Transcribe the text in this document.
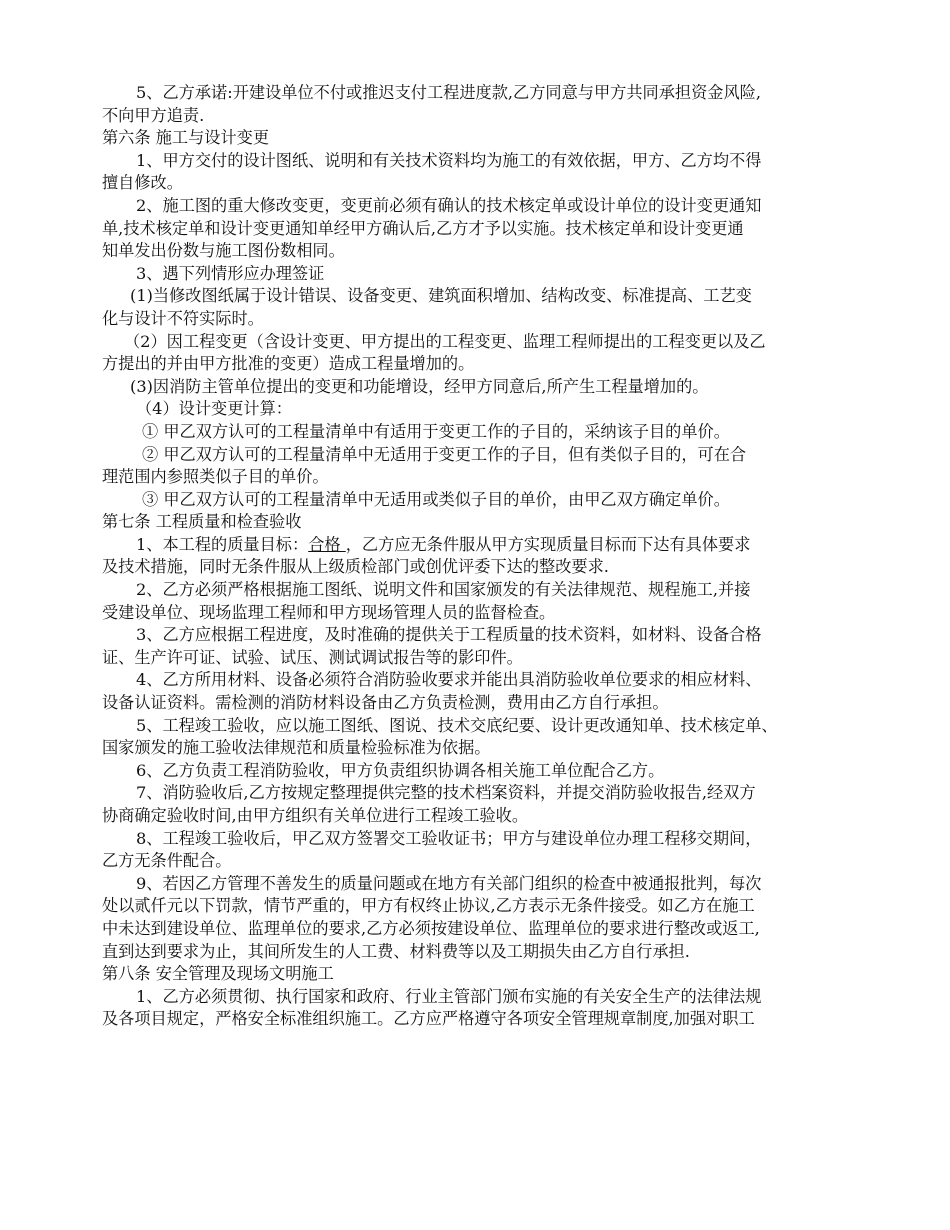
5、乙方承诺:开建设单位不付或推迟支付工程进度款,乙方同意与甲方共同承担资金风险,
不向甲方追责.
第六条 施工与设计变更
1、甲方交付的设计图纸、说明和有关技术资料均为施工的有效依据，甲方、乙方均不得
擅自修改。
2、施工图的重大修改变更，变更前必须有确认的技术核定单或设计单位的设计变更通知
单,技术核定单和设计变更通知单经甲方确认后,乙方才予以实施。技术核定单和设计变更通
知单发出份数与施工图份数相同。
3、遇下列情形应办理签证
(1)当修改图纸属于设计错误、设备变更、建筑面积增加、结构改变、标准提高、工艺变
化与设计不符实际时。
（2）因工程变更（含设计变更、甲方提出的工程变更、监理工程师提出的工程变更以及乙
方提出的并由甲方批准的变更）造成工程量增加的。
(3)因消防主管单位提出的变更和功能增设，经甲方同意后,所产生工程量增加的。
（4）设计变更计算：
① 甲乙双方认可的工程量清单中有适用于变更工作的子目的，采纳该子目的单价。
② 甲乙双方认可的工程量清单中无适用于变更工作的子目，但有类似子目的，可在合
理范围内参照类似子目的单价。
③ 甲乙双方认可的工程量清单中无适用或类似子目的单价，由甲乙双方确定单价。
第七条 工程质量和检查验收
1、本工程的质量目标：合格 ，乙方应无条件服从甲方实现质量目标而下达有具体要求
及技术措施，同时无条件服从上级质检部门或创优评委下达的整改要求.
2、乙方必须严格根据施工图纸、说明文件和国家颁发的有关法律规范、规程施工,并接
受建设单位、现场监理工程师和甲方现场管理人员的监督检查。
3、乙方应根据工程进度，及时准确的提供关于工程质量的技术资料，如材料、设备合格
证、生产许可证、试验、试压、测试调试报告等的影印件。
4、乙方所用材料、设备必须符合消防验收要求并能出具消防验收单位要求的相应材料、
设备认证资料。需检测的消防材料设备由乙方负责检测，费用由乙方自行承担。
5、工程竣工验收，应以施工图纸、图说、技术交底纪要、设计更改通知单、技术核定单、
国家颁发的施工验收法律规范和质量检验标准为依据。
6、乙方负责工程消防验收，甲方负责组织协调各相关施工单位配合乙方。
7、消防验收后,乙方按规定整理提供完整的技术档案资料，并提交消防验收报告,经双方
协商确定验收时间,由甲方组织有关单位进行工程竣工验收。
8、工程竣工验收后，甲乙双方签署交工验收证书；甲方与建设单位办理工程移交期间，
乙方无条件配合。
9、若因乙方管理不善发生的质量问题或在地方有关部门组织的检查中被通报批判，每次
处以贰仟元以下罚款，情节严重的，甲方有权终止协议,乙方表示无条件接受。如乙方在施工
中未达到建设单位、监理单位的要求,乙方必须按建设单位、监理单位的要求进行整改或返工,
直到达到要求为止，其间所发生的人工费、材料费等以及工期损失由乙方自行承担.
第八条 安全管理及现场文明施工
1、乙方必须贯彻、执行国家和政府、行业主管部门颁布实施的有关安全生产的法律法规
及各项目规定，严格安全标准组织施工。乙方应严格遵守各项安全管理规章制度,加强对职工
